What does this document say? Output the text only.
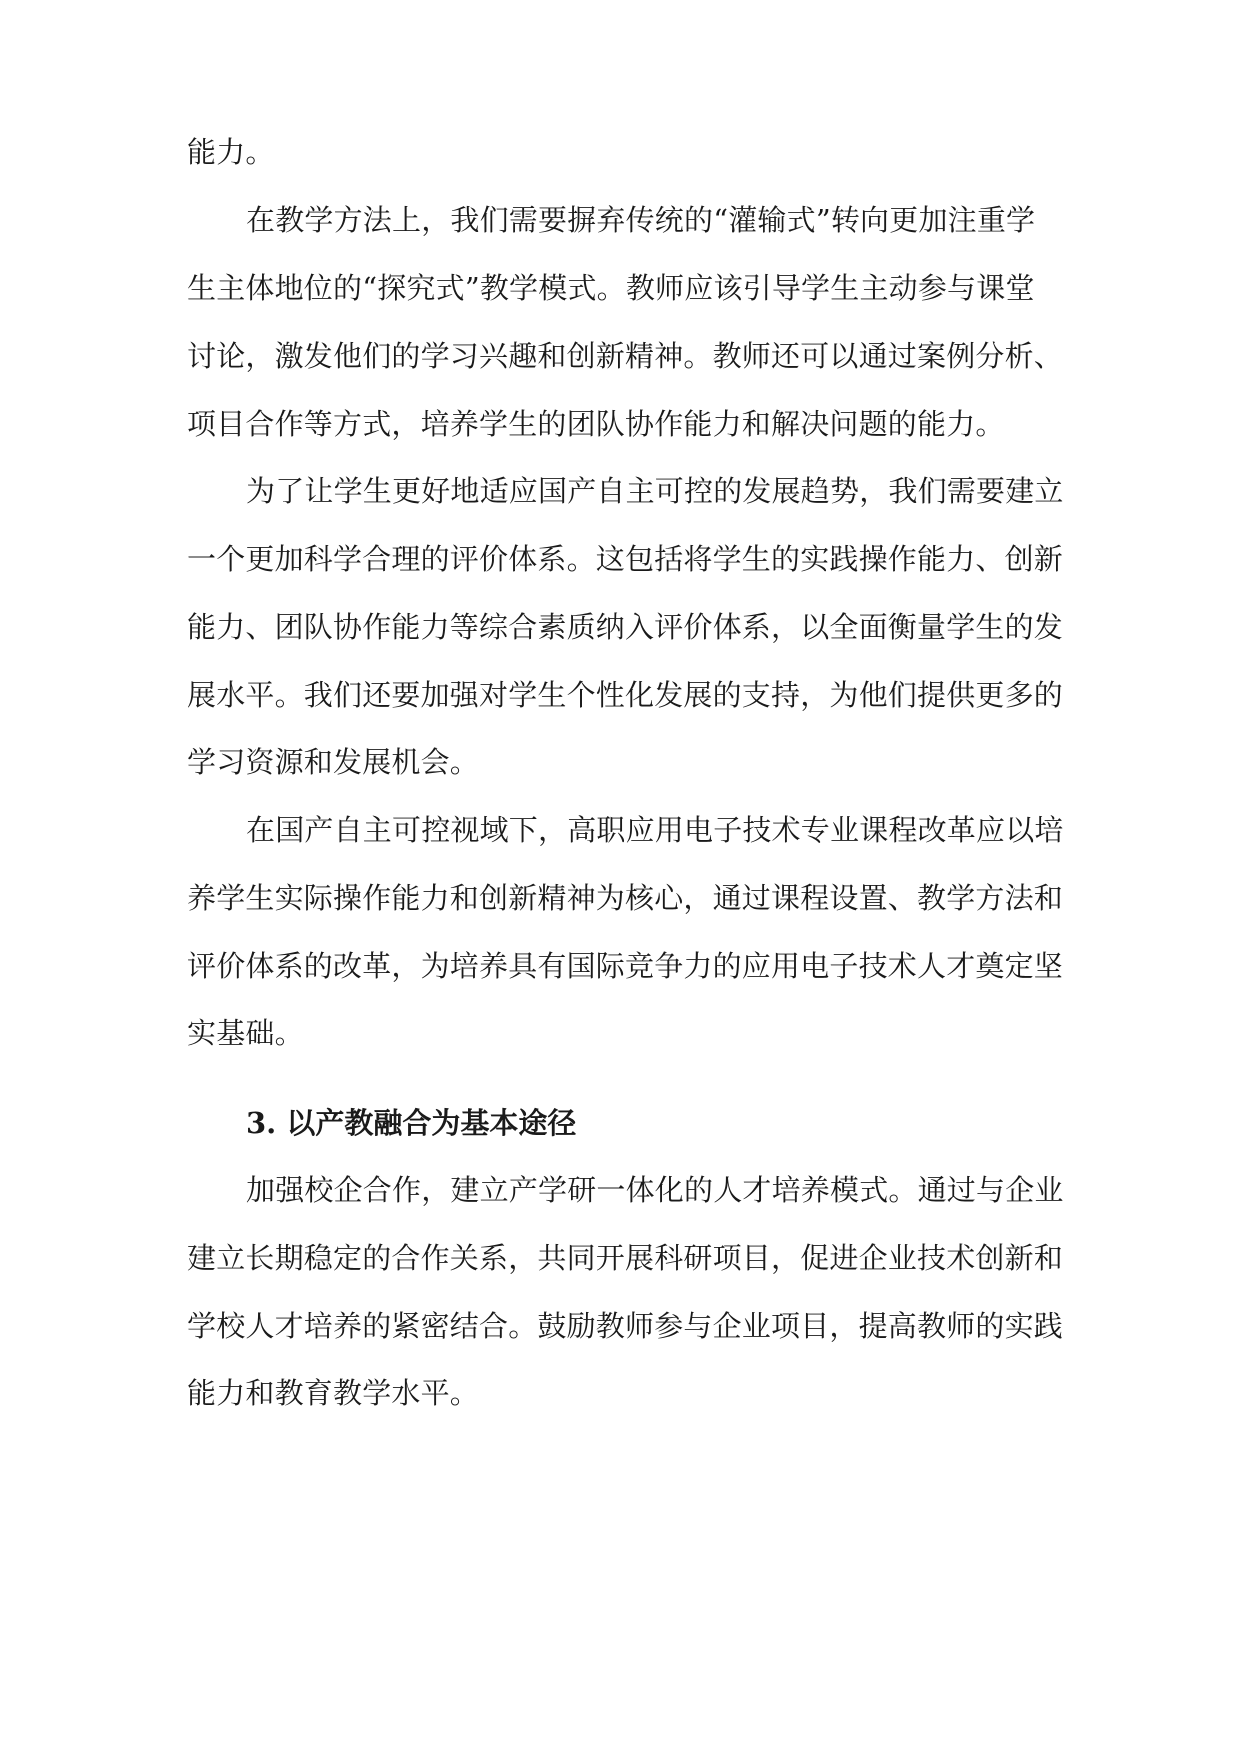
能力。
在教学方法上，我们需要摒弃传统的“灌输式”转向更加注重学
生主体地位的“探究式”教学模式。教师应该引导学生主动参与课堂
讨论，激发他们的学习兴趣和创新精神。教师还可以通过案例分析、
项目合作等方式，培养学生的团队协作能力和解决问题的能力。
为了让学生更好地适应国产自主可控的发展趋势，我们需要建立
一个更加科学合理的评价体系。这包括将学生的实践操作能力、创新
能力、团队协作能力等综合素质纳入评价体系，以全面衡量学生的发
展水平。我们还要加强对学生个性化发展的支持，为他们提供更多的
学习资源和发展机会。
在国产自主可控视域下，高职应用电子技术专业课程改革应以培
养学生实际操作能力和创新精神为核心，通过课程设置、教学方法和
评价体系的改革，为培养具有国际竞争力的应用电子技术人才奠定坚
实基础。
3. 以产教融合为基本途径
加强校企合作，建立产学研一体化的人才培养模式。通过与企业
建立长期稳定的合作关系，共同开展科研项目，促进企业技术创新和
学校人才培养的紧密结合。鼓励教师参与企业项目，提高教师的实践
能力和教育教学水平。
